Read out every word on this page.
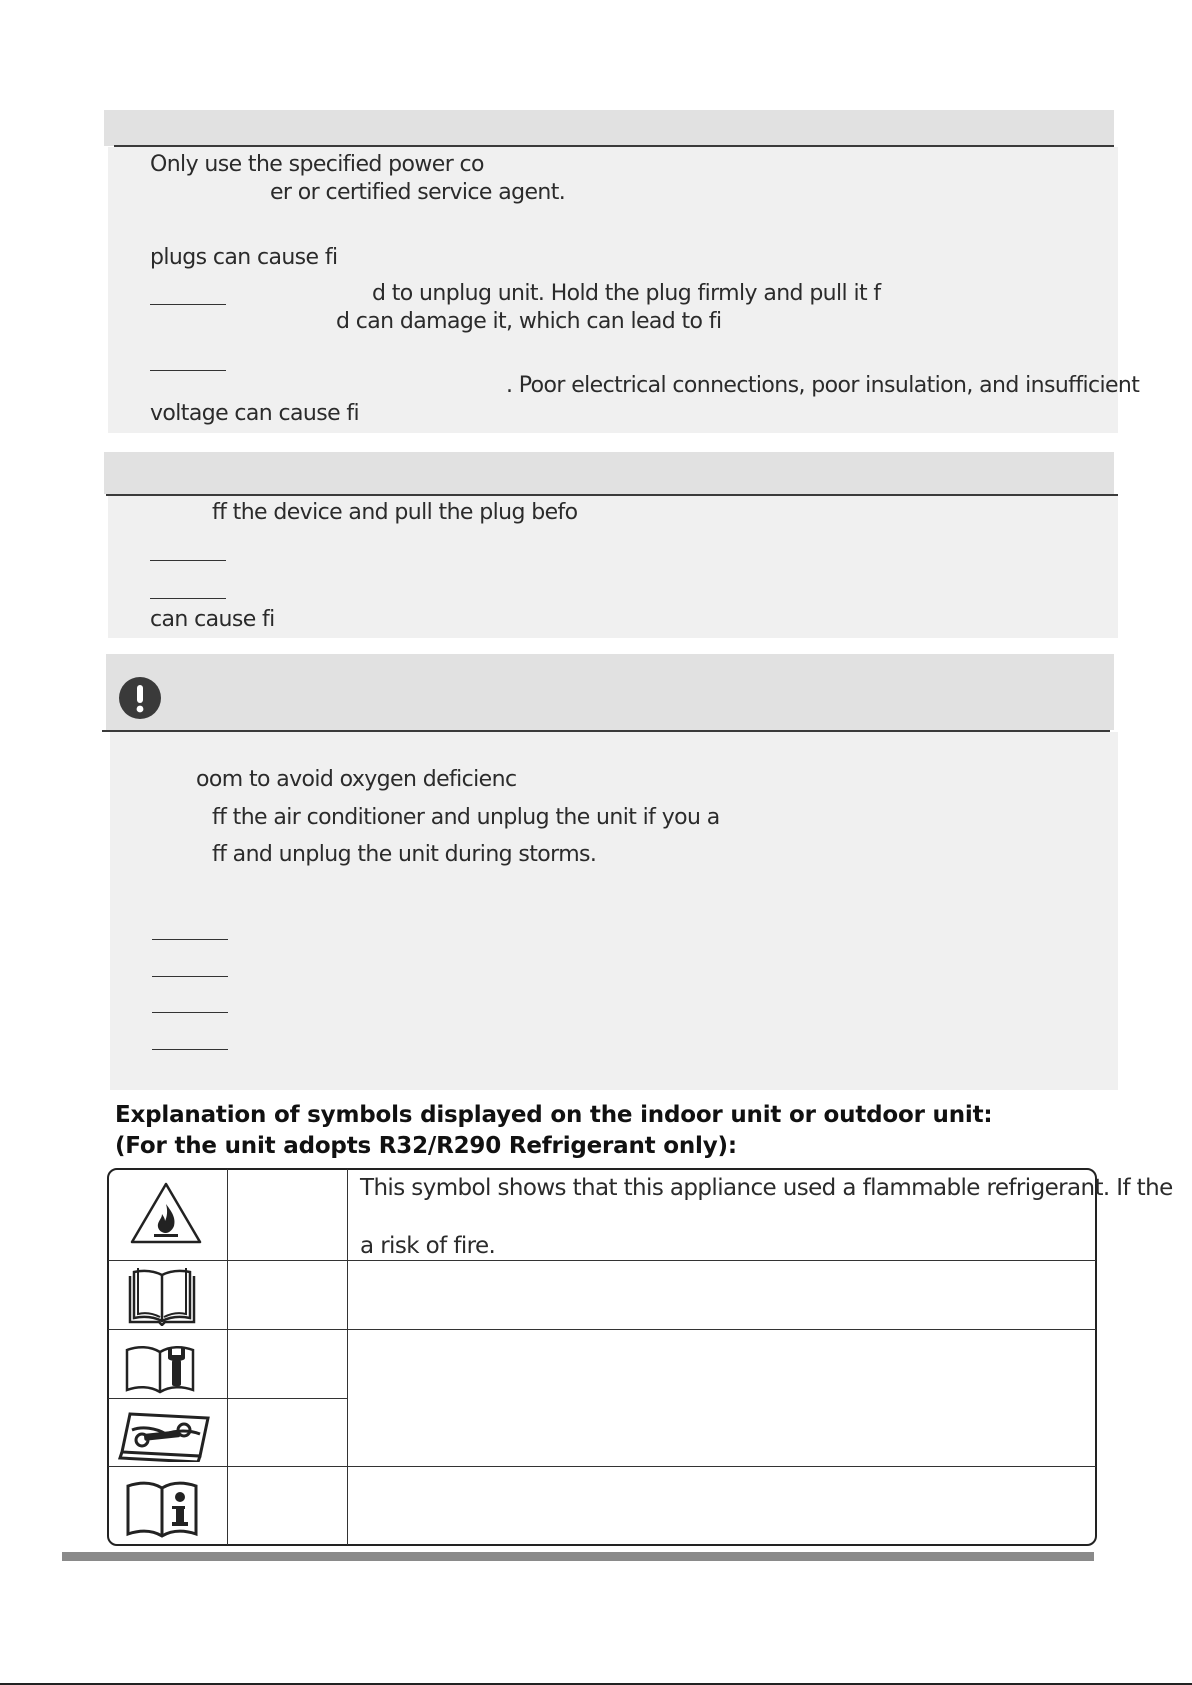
Only use the specified power co
er or certified service agent.
plugs can cause fi
d to unplug unit. Hold the plug firmly and pull it f
d can damage it, which can lead to fi
. Poor electrical connections, poor insulation, and insufficient
voltage can cause fi
ff the device and pull the plug befo
can cause fi
oom to avoid oxygen deficienc
ff the air conditioner and unplug the unit if you a
ff and unplug the unit during storms.
Explanation of symbols displayed on the indoor unit or outdoor unit:
(For the unit adopts R32/R290 Refrigerant only):
This symbol shows that this appliance used a flammable refrigerant. If the
a risk of fire.
